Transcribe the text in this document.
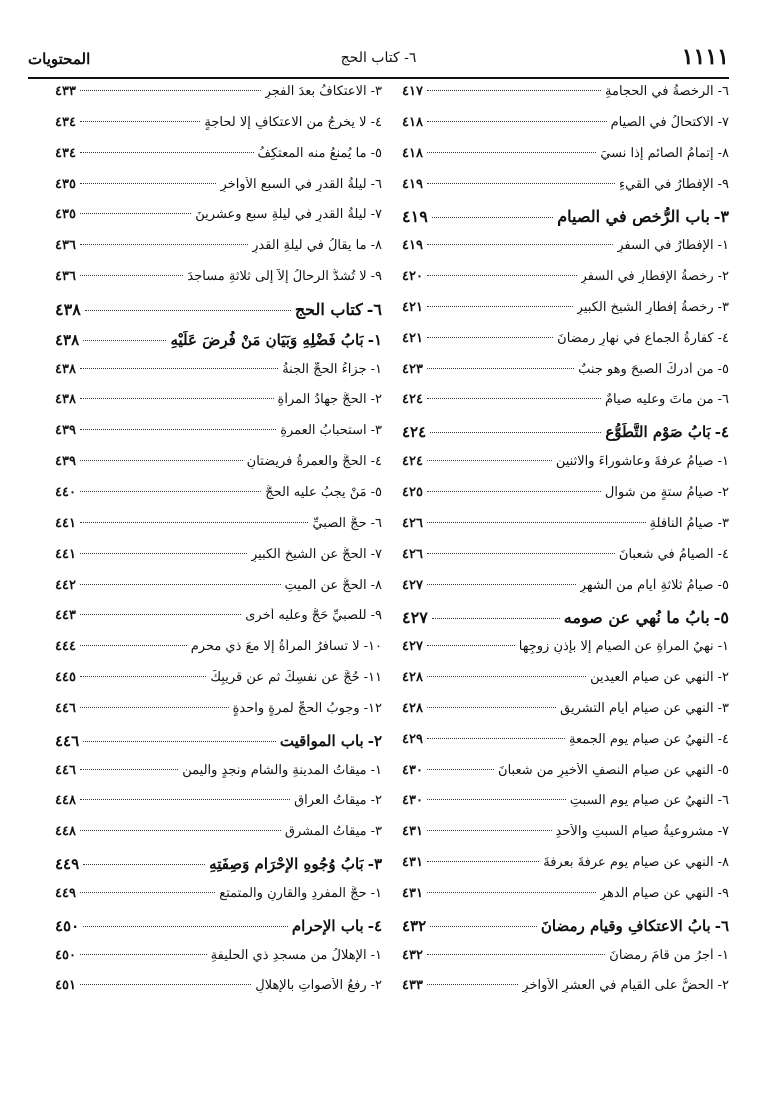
١١١١
٦- كتاب الحج
المحتويات
٦-
الرخصةُ في الحجامةِ
٤١٧
٧-
الاكتحالُ في الصيامِ
٤١٨
٨-
إتمامُ الصائمِ إذا نسيَ
٤١٨
٩-
الإفطارُ في القيءِ
٤١٩
٣-
باب الرُّخصِ في الصيامِ
٤١٩
١-
الإفطارُ في السفرِ
٤١٩
٢-
رخصةُ الإفطارِ في السفرِ
٤٢٠
٣-
رخصةُ إفطارِ الشيخِ الكبيرِ
٤٢١
٤-
كفارةُ الجماعِ في نهارِ رمضانَ
٤٢١
٥-
من أدركَ الصبحَ وهو جنبٌ
٤٢٣
٦-
من ماتَ وعليه صيامٌ
٤٢٤
٤-
بَابُ صَوْمِ التَّطَوُّعِ
٤٢٤
١-
صيامُ عرفةَ وعاشوراءَ والاثنين
٤٢٤
٢-
صيامُ ستةٍ من شوال
٤٢٥
٣-
صيامُ النافلةِ
٤٢٦
٤-
الصيامُ في شعبانَ
٤٢٦
٥-
صيامُ ثلاثةِ أيامٍ من الشهرِ
٤٢٧
٥-
بابُ ما نُهي عن صومه
٤٢٧
١-
نهيُ المرأةِ عن الصيامِ إلا بإذنِ زوجِها
٤٢٧
٢-
النهي عن صيامِ العيدينِ
٤٢٨
٣-
النهي عن صيامِ أيامِ التشريقِ
٤٢٨
٤-
النهيُ عن صيامِ يومِ الجمعةِ
٤٢٩
٥-
النهي عن صيامِ النصفِ الأخيرِ من شعبانَ
٤٣٠
٦-
النهيُ عن صيامِ يومِ السبتِ
٤٣٠
٧-
مشروعيةُ صيامِ السبتِ والأحدِ
٤٣١
٨-
النهي عن صيامِ يومِ عرفةَ بعرفةَ
٤٣١
٩-
النهي عن صيامِ الدهرِ
٤٣١
٦-
بابُ الاعتكافِ وقيامِ رمضانَ
٤٣٢
١-
أجرُ من قامَ رمضانَ
٤٣٢
٢-
الحضُّ على القيامِ في العشرِ الأواخرِ
٤٣٣
٣-
الاعتكافُ بعدَ الفجرِ
٤٣٣
٤-
لا يخرجُ من الاعتكافِ إلا لحاجةٍ
٤٣٤
٥-
ما يُمنعُ منه المعتكِفُ
٤٣٤
٦-
ليلةُ القدرِ في السبعِ الأواخرِ
٤٣٥
٧-
ليلةُ القدرِ في ليلةِ سبعٍ وعشرينَ
٤٣٥
٨-
ما يقالُ في ليلةِ القدرِ
٤٣٦
٩-
لا تُشدُّ الرحالُ إلاّ إلى ثلاثةِ مساجدَ
٤٣٦
٦-
كتاب الحج
٤٣٨
١-
بَابُ فَضْلِهِ وَبَيَانِ مَنْ فُرِضَ عَلَيْهِ
٤٣٨
١-
جزاءُ الحجِّ الجنةُ
٤٣٨
٢-
الحجُّ جهادُ المرأةِ
٤٣٨
٣-
استحبابُ العمرةِ
٤٣٩
٤-
الحجُّ والعمرةُ فريضتانِ
٤٣٩
٥-
مَنْ يجبُ عليه الحجُّ
٤٤٠
٦-
حجُّ الصبيِّ
٤٤١
٧-
الحجُّ عن الشيخِ الكبيرِ
٤٤١
٨-
الحجُّ عن الميتِ
٤٤٢
٩-
للصبيِّ حَجٌّ وعليه أخرى
٤٤٣
١٠-
لا تسافرُ المرأةُ إلا معَ ذي محرمٍ
٤٤٤
١١-
حُجَّ عن نفسِكَ ثم عن قريبِكَ
٤٤٥
١٢-
وجوبُ الحجِّ لمرةٍ واحدةٍ
٤٤٦
٢-
باب المواقيت
٤٤٦
١-
ميقاتُ المدينةِ والشامِ ونجدٍ واليمنِ
٤٤٦
٢-
ميقاتُ العراقِ
٤٤٨
٣-
ميقاتُ المشرقِ
٤٤٨
٣-
بَابُ وُجُوهِ الإِحْرَامِ وَصِفَتِهِ
٤٤٩
١-
حجُّ المفردِ والقارنِ والمتمتعِ
٤٤٩
٤-
باب الإحرام
٤٥٠
١-
الإهلالُ من مسجدِ ذي الحليفةِ
٤٥٠
٢-
رفعُ الأصواتِ بالإهلالِ
٤٥١
